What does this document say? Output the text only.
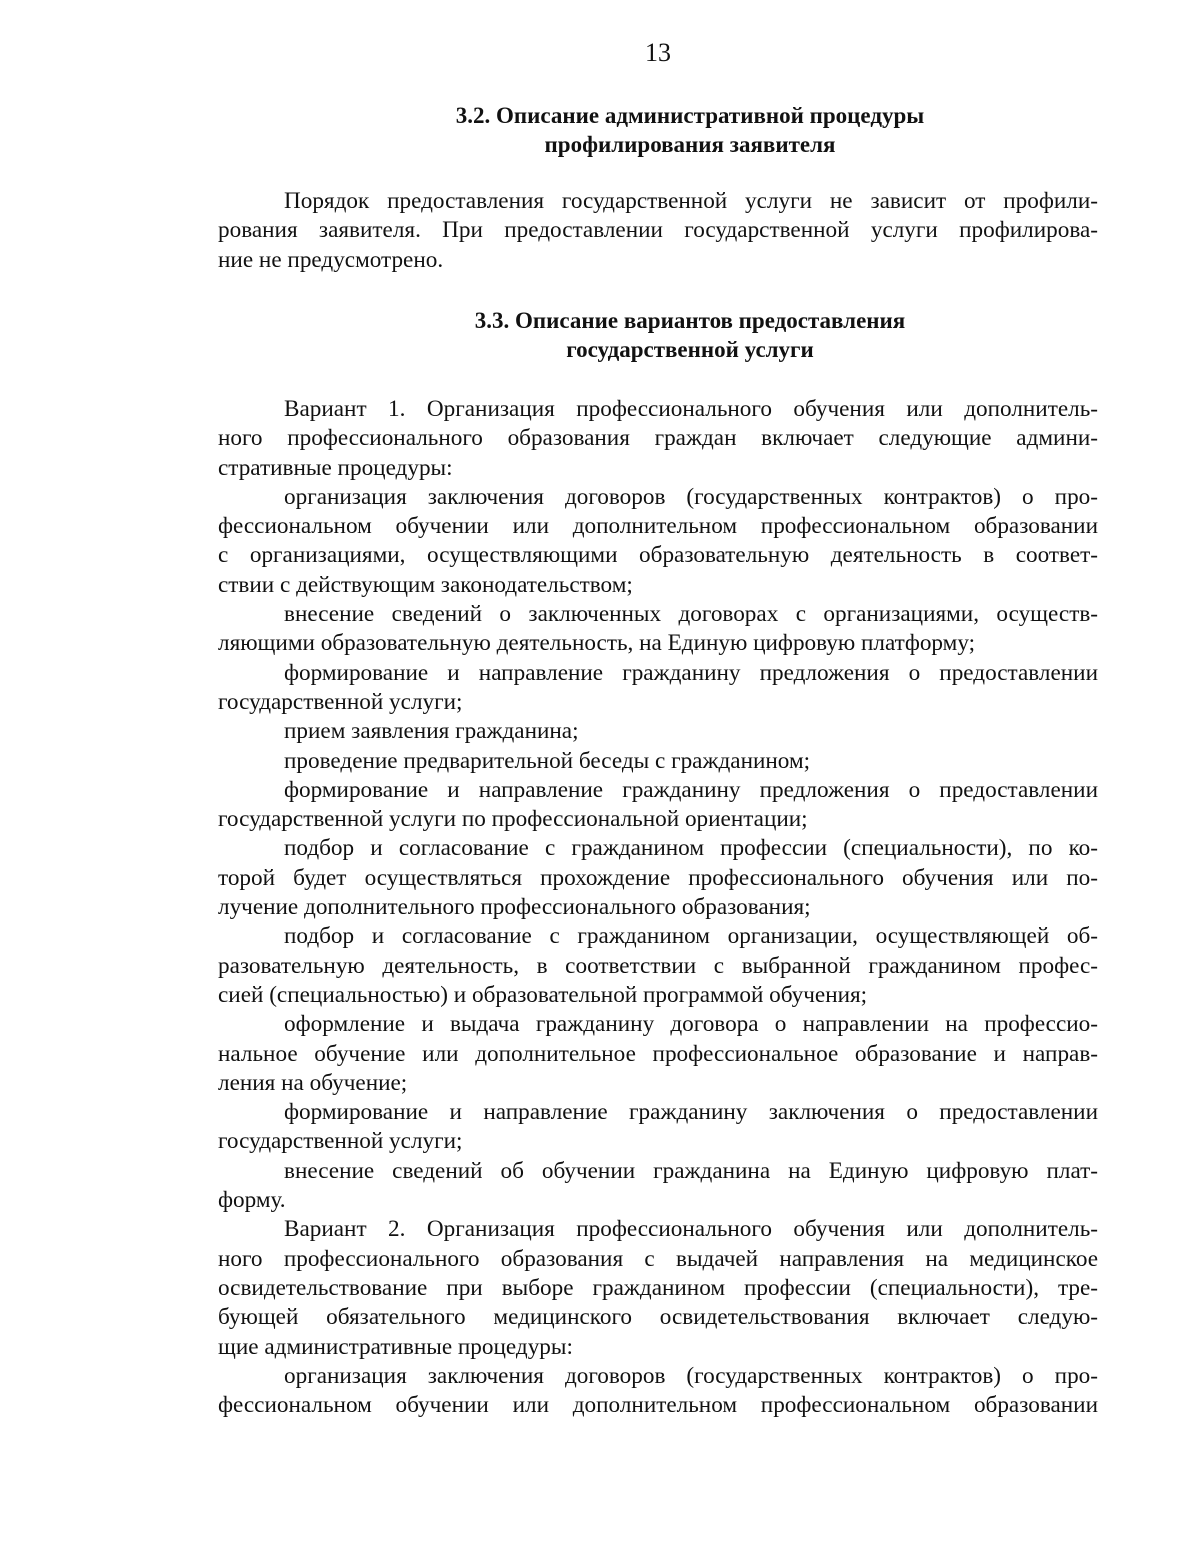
13
3.2. Описание административной процедуры
профилирования заявителя
Порядок предоставления государственной услуги не зависит от профили-
рования заявителя. При предоставлении государственной услуги профилирова-
ние не предусмотрено.
3.3. Описание вариантов предоставления
государственной услуги
Вариант 1. Организация профессионального обучения или дополнитель-
ного профессионального образования граждан включает следующие админи-
стративные процедуры:
организация заключения договоров (государственных контрактов) о про-
фессиональном обучении или дополнительном профессиональном образовании
с организациями, осуществляющими образовательную деятельность в соответ-
ствии с действующим законодательством;
внесение сведений о заключенных договорах с организациями, осуществ-
ляющими образовательную деятельность, на Единую цифровую платформу;
формирование и направление гражданину предложения о предоставлении
государственной услуги;
прием заявления гражданина;
проведение предварительной беседы с гражданином;
формирование и направление гражданину предложения о предоставлении
государственной услуги по профессиональной ориентации;
подбор и согласование с гражданином профессии (специальности), по ко-
торой будет осуществляться прохождение профессионального обучения или по-
лучение дополнительного профессионального образования;
подбор и согласование с гражданином организации, осуществляющей об-
разовательную деятельность, в соответствии с выбранной гражданином профес-
сией (специальностью) и образовательной программой обучения;
оформление и выдача гражданину договора о направлении на профессио-
нальное обучение или дополнительное профессиональное образование и направ-
ления на обучение;
формирование и направление гражданину заключения о предоставлении
государственной услуги;
внесение сведений об обучении гражданина на Единую цифровую плат-
форму.
Вариант 2. Организация профессионального обучения или дополнитель-
ного профессионального образования с выдачей направления на медицинское
освидетельствование при выборе гражданином профессии (специальности), тре-
бующей обязательного медицинского освидетельствования включает следую-
щие административные процедуры:
организация заключения договоров (государственных контрактов) о про-
фессиональном обучении или дополнительном профессиональном образовании
